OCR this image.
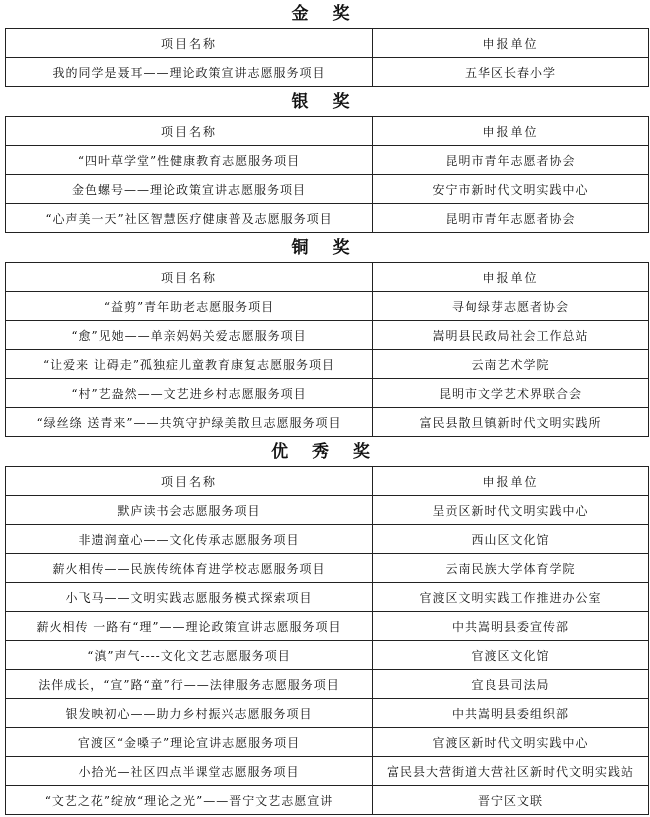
金 奖
项目名称	申报单位
我的同学是聂耳——理论政策宣讲志愿服务项目	五华区长春小学
银 奖
项目名称	申报单位
“四叶草学堂”性健康教育志愿服务项目	昆明市青年志愿者协会
金色螺号——理论政策宣讲志愿服务项目	安宁市新时代文明实践中心
“心声美一天”社区智慧医疗健康普及志愿服务项目	昆明市青年志愿者协会
铜 奖
项目名称	申报单位
“益剪”青年助老志愿服务项目	寻甸绿芽志愿者协会
“愈”见她——单亲妈妈关爱志愿服务项目	嵩明县民政局社会工作总站
“让爱来 让碍走”孤独症儿童教育康复志愿服务项目	云南艺术学院
“村”艺盎然——文艺进乡村志愿服务项目	昆明市文学艺术界联合会
“绿丝绦 送青来”——共筑守护绿美散旦志愿服务项目	富民县散旦镇新时代文明实践所
优 秀 奖
项目名称	申报单位
默庐读书会志愿服务项目	呈贡区新时代文明实践中心
非遗润童心——文化传承志愿服务项目	西山区文化馆
薪火相传——民族传统体育进学校志愿服务项目	云南民族大学体育学院
小飞马——文明实践志愿服务模式探索项目	官渡区文明实践工作推进办公室
薪火相传 一路有“理”——理论政策宣讲志愿服务项目	中共嵩明县委宣传部
“滇”声气----文化文艺志愿服务项目	官渡区文化馆
法伴成长，“宣”路“童”行——法律服务志愿服务项目	宜良县司法局
银发映初心——助力乡村振兴志愿服务项目	中共嵩明县委组织部
官渡区“金嗓子”理论宣讲志愿服务项目	官渡区新时代文明实践中心
小拾光—社区四点半课堂志愿服务项目	富民县大营街道大营社区新时代文明实践站
“文艺之花”绽放“理论之光”——晋宁文艺志愿宣讲	晋宁区文联
